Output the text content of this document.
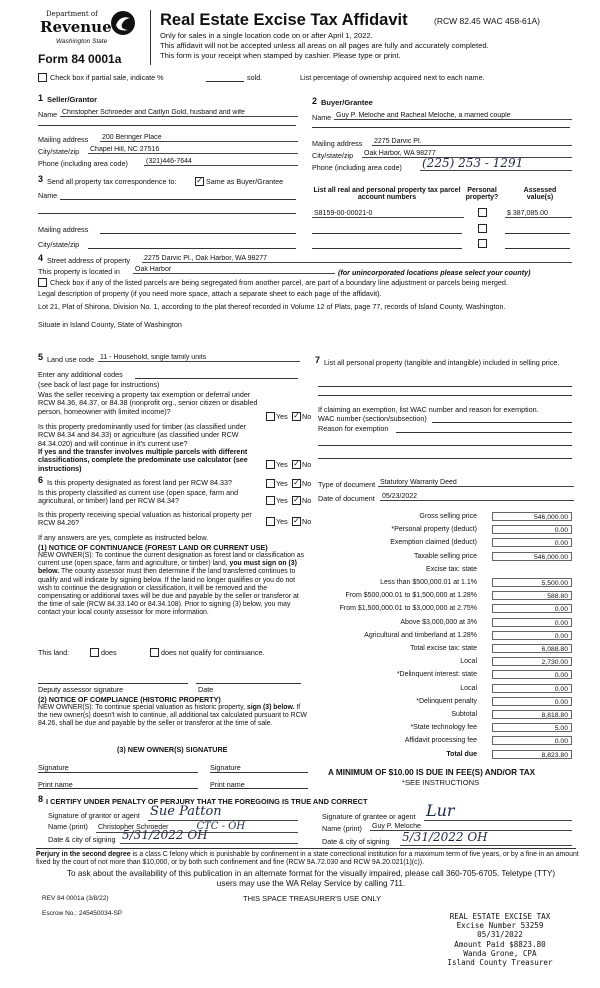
Department of
Revenue
Washington State
Form 84 0001a
Real Estate Excise Tax Affidavit	(RCW 82.45 WAC 458-61A)
Only for sales in a single location code on or after April 1, 2022.
This affidavit will not be accepted unless all areas on all pages are fully and accurately completed.
This form is your receipt when stamped by cashier. Please type or print.
Check box if partial sale, indicate %	sold.	List percentage of ownership acquired next to each name.
1 Seller/Grantor
Name Christopher Schroeder and Caitlyn Gold, husband and wife
Mailing address 200 Beringer Place
City/state/zip Chapel Hill, NC 27516
Phone (including area code)	(321)446-7644
2 Buyer/Grantee
Name Guy P. Meloche and Racheal Meloche, a married couple
Mailing address 2275 Darvic Pl.
City/state/zip Oak Harbor, WA 98277
Phone (including area code) (225) 253 - 1291
3 Send all property tax correspondence to: ✓ Same as Buyer/Grantee
Name
Mailing address
City/state/zip
List all real and personal property tax parcel account numbers
Personal property?
Assessed value(s)
S8159-00-00021-0	$ 387,085.00
4 Street address of property 2275 Darvic Pl., Oak Harbor, WA 98277
This property is located in Oak Harbor	(for unincorporated locations please select your county)
Check box if any of the listed parcels are being segregated from another parcel, are part of a boundary line adjustment or parcels being merged.
Legal description of property (if you need more space, attach a separate sheet to each page of the affidavit).
Lot 21, Plat of Shirona, Division No. 1, according to the plat thereof recorded in Volume 12 of Plats, page 77, records of Island County, Washington.
Situate in Island County, State of Washington
5 Land use code 11 - Household, single family units
Enter any additional codes
(see back of last page for instructions)
Was the seller receiving a property tax exemption or deferral under RCW 84.36, 84.37, or 84.38 (nonprofit org., senior citizen or disabled person, homeowner with limited income)?
Yes ✓ No
Is this property predominantly used for timber (as classified under RCW 84.34 and 84.33) or agriculture (as classified under RCW 84.34.020) and will continue in it's current use?
If yes and the transfer involves multiple parcels with different classifications, complete the predominate use calculator (see instructions)	Yes ✓ No
7 List all personal property (tangible and intangible) included in selling price.
If claiming an exemption, list WAC number and reason for exemption.
WAC number (section/subsection)
Reason for exemption
6 Is this property designated as forest land per RCW 84.33?	Yes ✓ No
Is this property classified as current use (open space, farm and agricultural, or timber) land per RCW 84.34?	Yes ✓ No
Is this property receiving special valuation as historical property per RCW 84.26?	Yes ✓ No
If any answers are yes, complete as instructed below.
(1) NOTICE OF CONTINUANCE (FOREST LAND OR CURRENT USE)
NEW OWNER(S): To continue the current designation as forest land or classification as current use (open space, farm and agriculture, or timber) land, you must sign on (3) below. The county assessor must then determine if the land transferred continues to qualify and will indicate by signing below. If the land no longer qualifies or you do not wish to continue the designation or classification, it will be removed and the compensating or additional taxes will be due and payable by the seller or transferor at the time of sale (RCW 84.33.140 or 84.34.108). Prior to signing (3) below, you may contact your local county assessor for more information.
This land:	does	does not qualify for continuance.
Deputy assessor signature	Date
(2) NOTICE OF COMPLIANCE (HISTORIC PROPERTY)
NEW OWNER(S): To continue special valuation as historic property, sign (3) below. If the new owner(s) doesn't wish to continue, all additional tax calculated pursuant to RCW 84.26, shall be due and payable by the seller or transferor at the time of sale.
(3) NEW OWNER(S) SIGNATURE
Signature	Signature
Print name	Print name
Type of document Statutory Warranty Deed
Date of document 05/23/2022
Gross selling price	546,000.00
*Personal property (deduct)	0.00
Exemption claimed (deduct)	0.00
Taxable selling price	546,000.00
Excise tax: state
Less than $500,000.01 at 1.1%	5,500.00
From $500,000.01 to $1,500,000 at 1.28%	588.80
From $1,500,000.01 to $3,000,000 at 2.75%	0.00
Above $3,000,000 at 3%	0.00
Agricultural and timberland at 1.28%	0.00
Total excise tax: state	6,088.80
Local	2,730.00
*Delinquent interest: state	0.00
Local	0.00
*Delinquent penalty	0.00
Subtotal	8,818.80
*State technology fee	5.00
Affidavit processing fee	0.00
Total due	8,823.80
A MINIMUM OF $10.00 IS DUE IN FEE(S) AND/OR TAX
*SEE INSTRUCTIONS
8 I CERTIFY UNDER PENALTY OF PERJURY THAT THE FOREGOING IS TRUE AND CORRECT
Signature of grantor or agent Sue Patton
Name (print) Christopher Schroeder	CTC - OH
Date & city of signing 5/31/2022 OH
Signature of grantee or agent Lur
Name (print) Guy P. Meloche
Date & city of signing 5/31/2022 OH
Perjury in the second degree is a class C felony which is punishable by confinement in a state correctional institution for a maximum term of five years, or by a fine in an amount fixed by the court of not more than $10,000, or by both such confinement and fine (RCW 9A.72.030 and RCW 9A.20.021(1)(c)).
To ask about the availability of this publication in an alternate format for the visually impaired, please call 360-705-6705. Teletype (TTY) users may use the WA Relay Service by calling 711.
REV 84 0001a (3/8/22)	THIS SPACE TREASURER'S USE ONLY
Escrow No.: 245450034-SP	REAL ESTATE EXCISE TAX
Excise Number 53259
05/31/2022
Amount Paid $8823.80
Wanda Grone, CPA
Island County Treasurer
